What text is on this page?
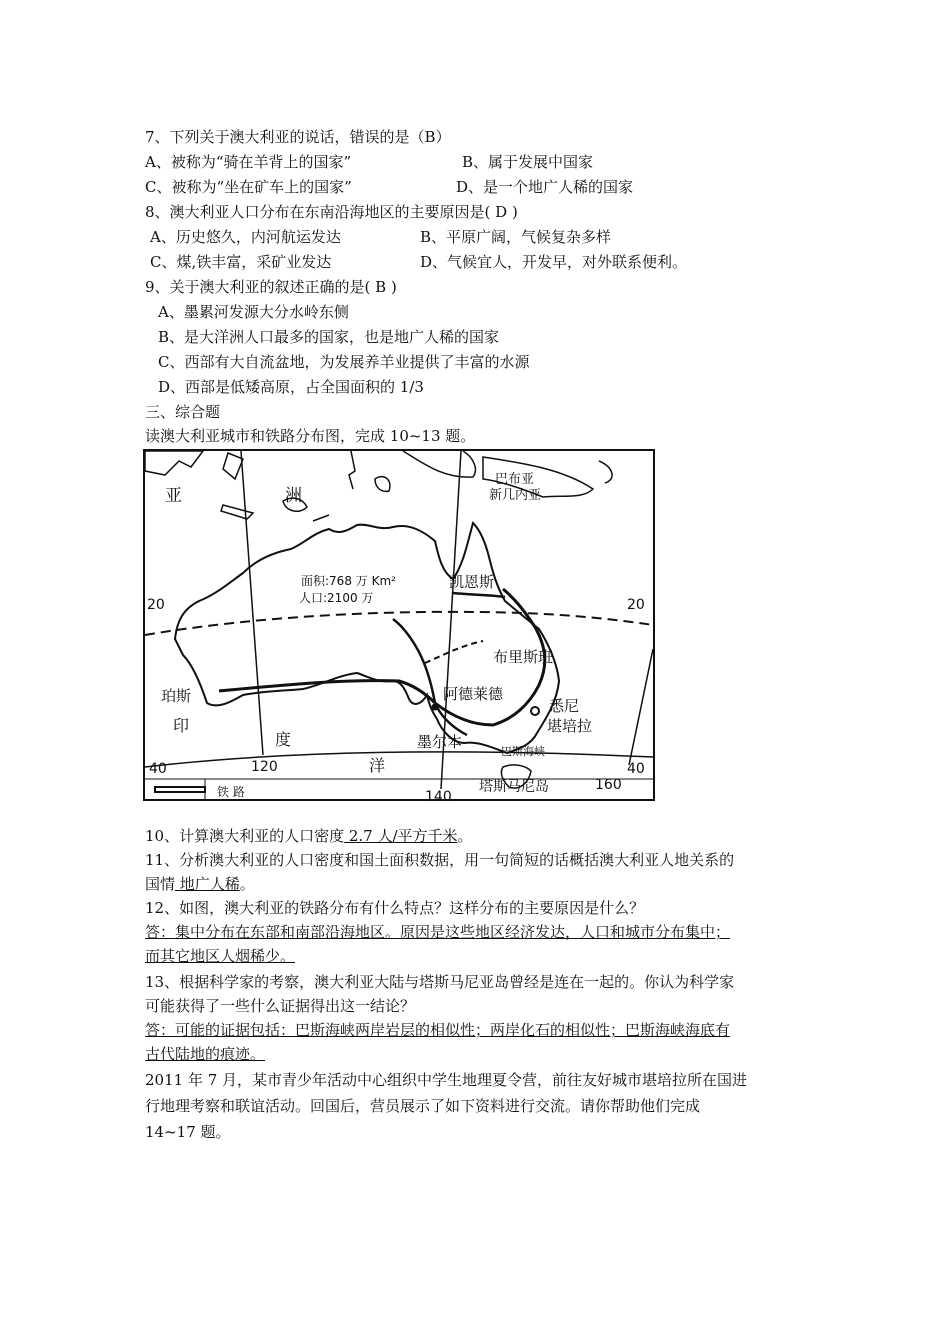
7、下列关于澳大利亚的说话，错误的是（B）
A、被称为“骑在羊背上的国家”	B、属于发展中国家
C、被称为“坐在矿车上的国家”	D、是一个地广人稀的国家
8、澳大利亚人口分布在东南沿海地区的主要原因是( D )
A、历史悠久，内河航运发达	B、平原广阔，气候复杂多样
C、煤,铁丰富，采矿业发达	D、气候宜人，开发早，对外联系便利。
9、关于澳大利亚的叙述正确的是( B )
A、墨累河发源大分水岭东侧
B、是大洋洲人口最多的国家，也是地广人稀的国家
C、西部有大自流盆地，为发展养羊业提供了丰富的水源
D、西部是低矮高原，占全国面积的 1/3
三、综合题
读澳大利亚城市和铁路分布图，完成 10~13 题。
亚	洲
巴布亚
新几内亚
面积:768 万 Km²
人口:2100 万
凯恩斯
布里斯班
珀斯	阿德莱德
悉尼
堪培拉
墨尔本
巴斯海峡
塔斯马尼岛
印
度
洋
20	20
40	40
120
140
160
铁 路
10、计算澳大利亚的人口密度 2.7 人/平方千米。
11、分析澳大利亚的人口密度和国土面积数据，用一句简短的话概括澳大利亚人地关系的
国情 地广人稀。
12、如图，澳大利亚的铁路分布有什么特点？这样分布的主要原因是什么？
答：集中分布在东部和南部沿海地区。原因是这些地区经济发达，人口和城市分布集中；
而其它地区人烟稀少。
13、根据科学家的考察，澳大利亚大陆与塔斯马尼亚岛曾经是连在一起的。你认为科学家
可能获得了一些什么证据得出这一结论？
答：可能的证据包括：巴斯海峡两岸岩层的相似性；两岸化石的相似性；巴斯海峡海底有
古代陆地的痕迹。
2011 年 7 月，某市青少年活动中心组织中学生地理夏令营，前往友好城市堪培拉所在国进
行地理考察和联谊活动。回国后，营员展示了如下资料进行交流。请你帮助他们完成
14~17 题。
